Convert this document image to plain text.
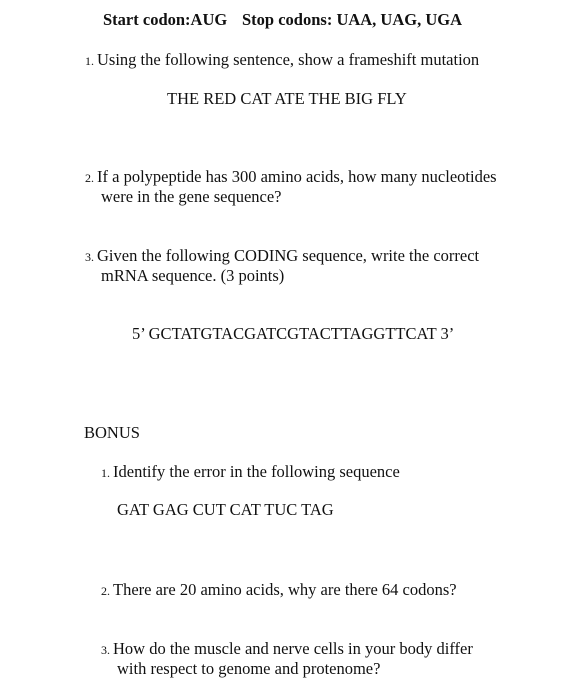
Start codon:AUG Stop codons: UAA, UAG, UGA
1. Using the following sentence, show a frameshift mutation
THE RED CAT ATE THE BIG FLY
2. If a polypeptide has 300 amino acids, how many nucleotides
were in the gene sequence?
3. Given the following CODING sequence, write the correct
mRNA sequence. (3 points)
5’ GCTATGTACGATCGTACTTAGGTTCAT 3’
BONUS
1. Identify the error in the following sequence
GAT GAG CUT CAT TUC TAG
2. There are 20 amino acids, why are there 64 codons?
3. How do the muscle and nerve cells in your body differ
with respect to genome and protenome?
